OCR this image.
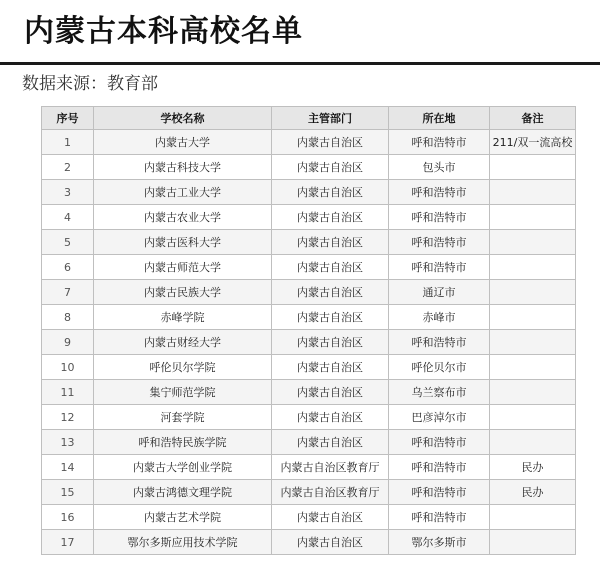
内蒙古本科高校名单
数据来源：教育部
序号	学校名称	主管部门	所在地	备注
1	内蒙古大学	内蒙古自治区	呼和浩特市	211/双一流高校
2	内蒙古科技大学	内蒙古自治区	包头市	
3	内蒙古工业大学	内蒙古自治区	呼和浩特市	
4	内蒙古农业大学	内蒙古自治区	呼和浩特市	
5	内蒙古医科大学	内蒙古自治区	呼和浩特市	
6	内蒙古师范大学	内蒙古自治区	呼和浩特市	
7	内蒙古民族大学	内蒙古自治区	通辽市	
8	赤峰学院	内蒙古自治区	赤峰市	
9	内蒙古财经大学	内蒙古自治区	呼和浩特市	
10	呼伦贝尔学院	内蒙古自治区	呼伦贝尔市	
11	集宁师范学院	内蒙古自治区	乌兰察布市	
12	河套学院	内蒙古自治区	巴彦淖尔市	
13	呼和浩特民族学院	内蒙古自治区	呼和浩特市	
14	内蒙古大学创业学院	内蒙古自治区教育厅	呼和浩特市	民办
15	内蒙古鸿德文理学院	内蒙古自治区教育厅	呼和浩特市	民办
16	内蒙古艺术学院	内蒙古自治区	呼和浩特市	
17	鄂尔多斯应用技术学院	内蒙古自治区	鄂尔多斯市	
